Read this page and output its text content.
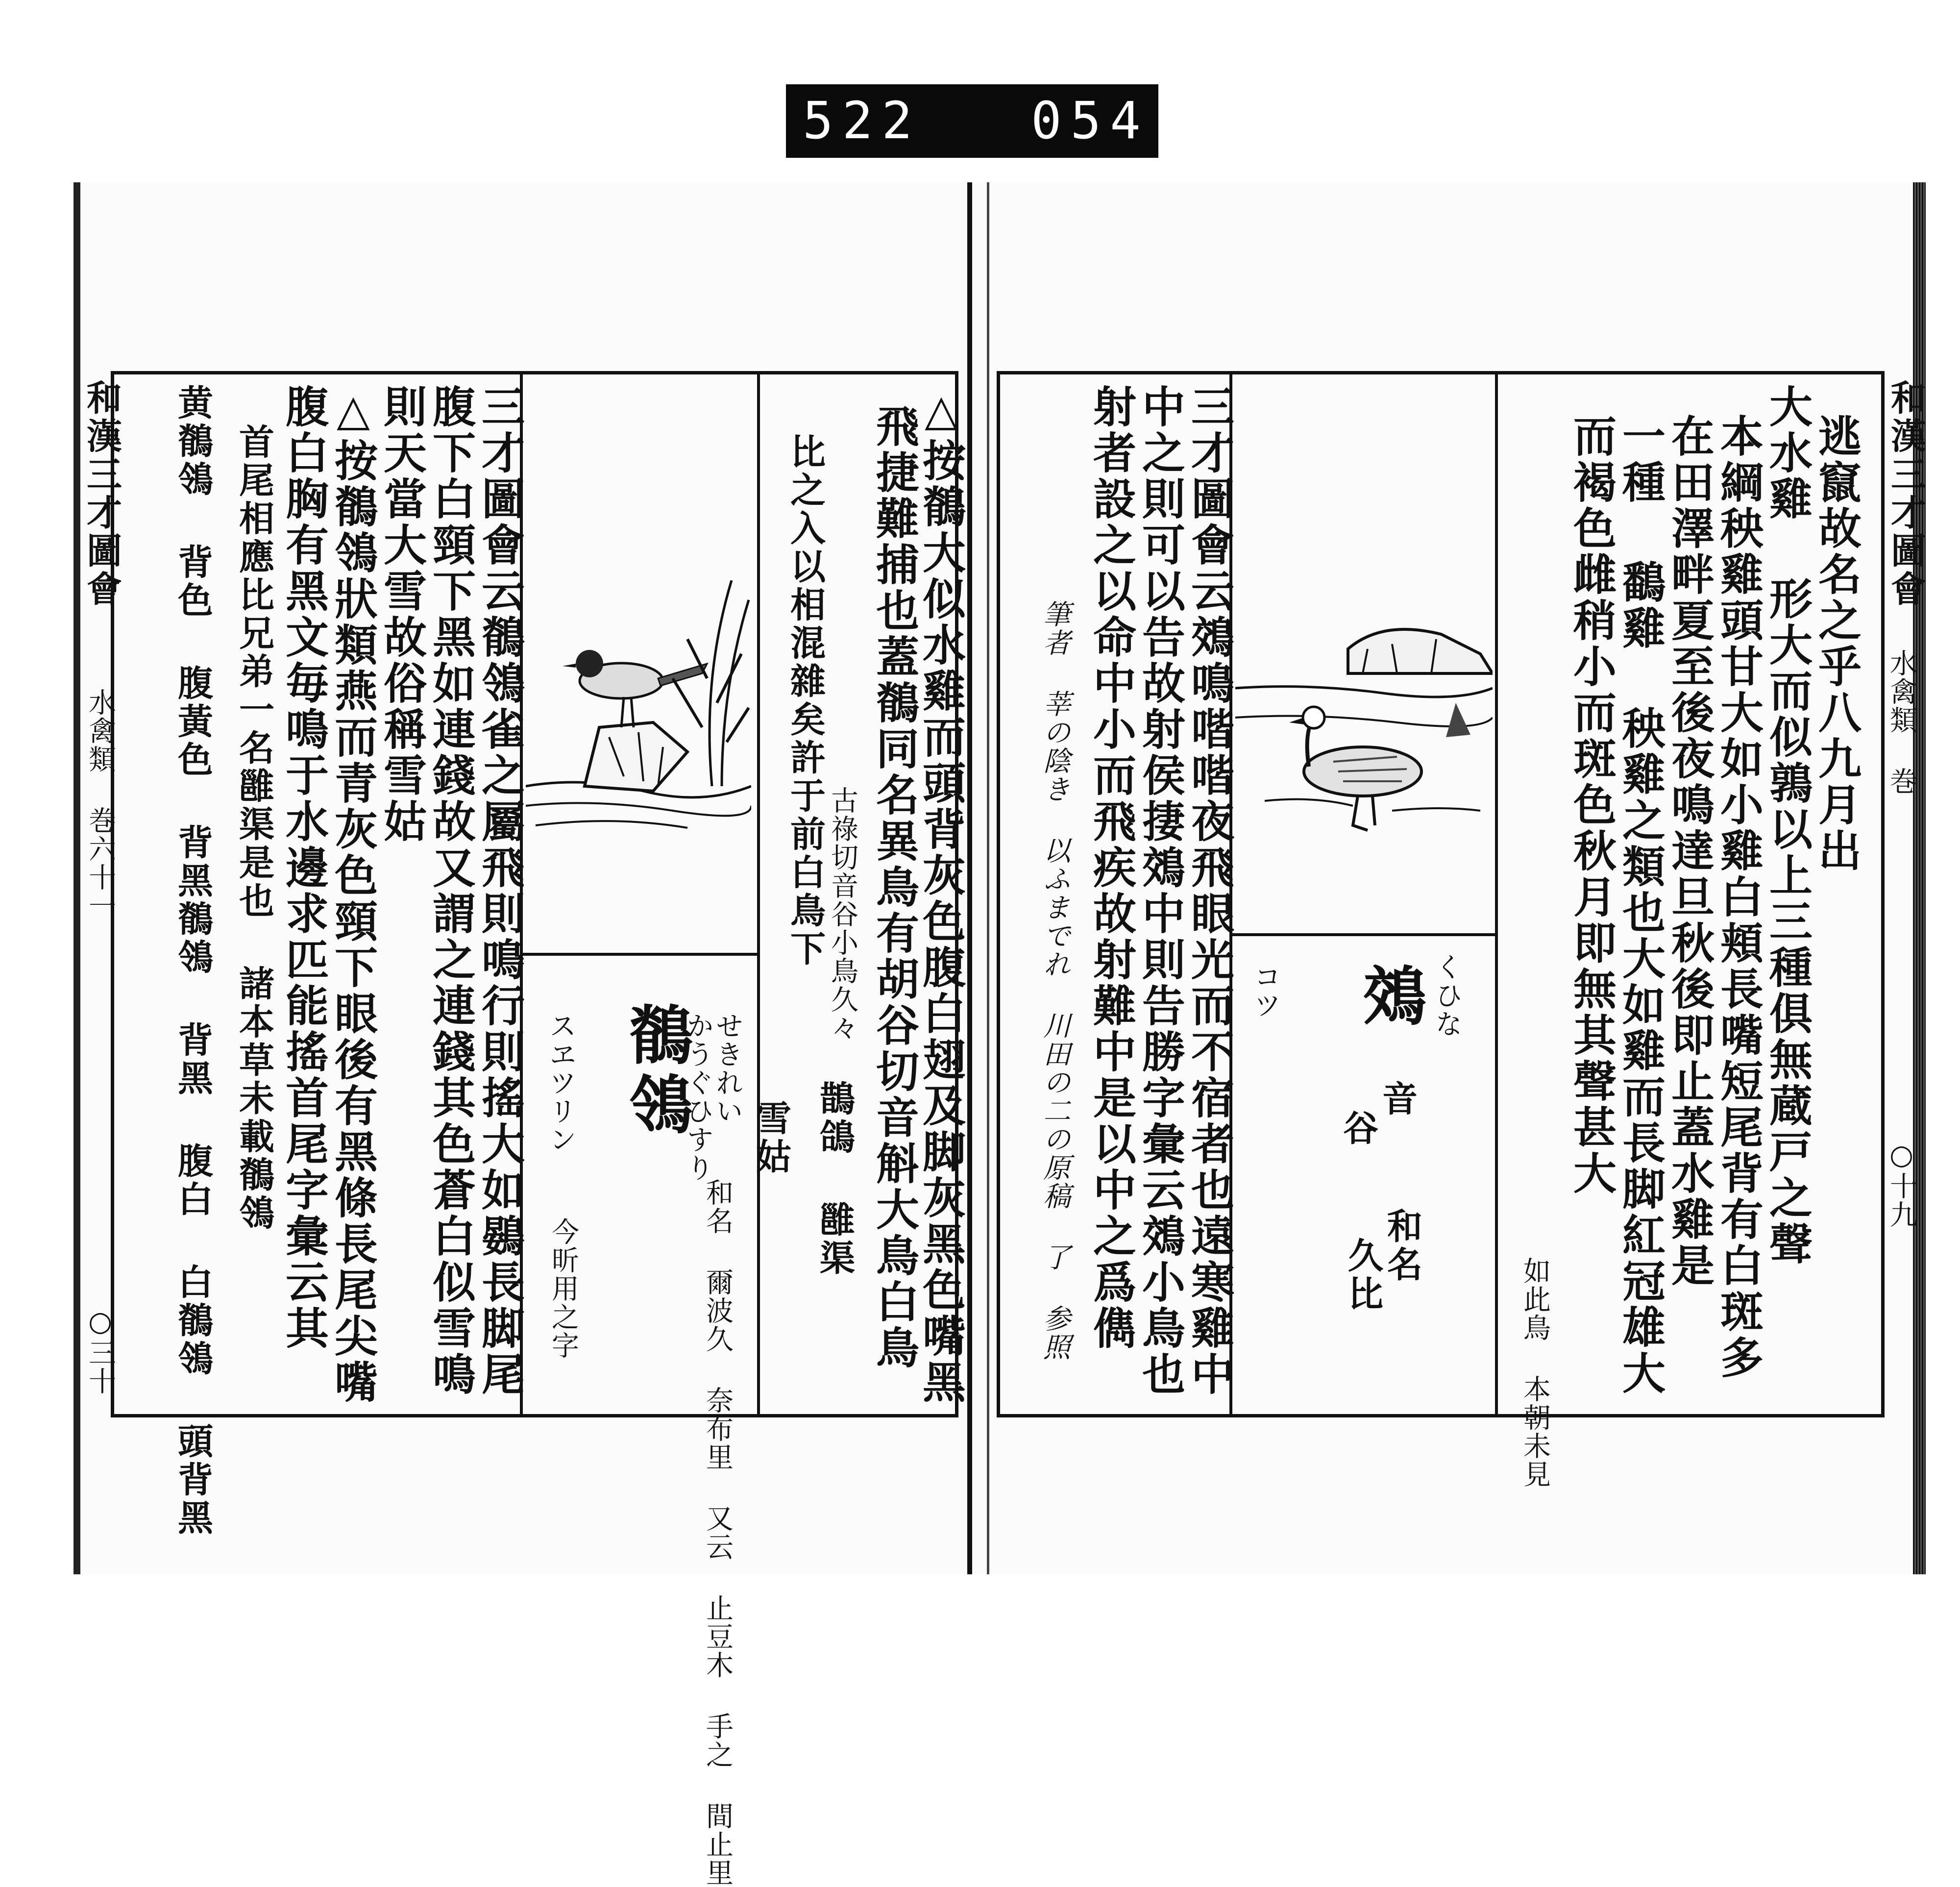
522 054.
和漢三才圖會
水禽類 巻六十一
○三十	△按鶺大似水雞而頭背灰色腹白翅及脚灰黑色嘴黑
飛捷難捕也蓋鶺同名異鳥有胡谷切音斛大鳥白鳥
古祿切音谷小鳥久々
比之入以相混雜矣許于前白鳥下
鶺鴒 せきれい
かうぐひすり
スヱツリン	鵲鴿 雝渠
雪姑
和名 爾波久 奈布里 又云 止豆木 手之 間止里
今昕用之字
三才圖會云鶺鴒雀之屬飛則鳴行則搖大如鷃長脚尾
腹下白頸下黑如連錢故又謂之連錢其色蒼白似雪鳴
則天當大雪故俗稱雪姑
△按鶺鴒狀類燕而青灰色頸下眼後有黑條長尾尖嘴
腹白胸有黑文毎鳴于水邊求匹能搖首尾字彙云其
首尾相應比兄弟一名雝渠是也 諸本草未載鶺鴒
黄鶺鴒 背色 腹黃色 背黑鶺鴒 背黑 腹白 白鶺鴒 頭背黑	和漢三才圖會
水禽類 巻
○十九
逃竄故名之乎八九月出
大水雞 形大而似鶉以上三種俱無蔵戸之聲
本綱秧雞頭甘大如小雞白頬長嘴短尾背有白斑多
在田澤畔夏至後夜鳴達旦秋後即止蓋水雞是
一種 鷭雞 秧雞之類也大如雞而長脚紅冠雄大
而褐色雌稍小而斑色秋月即無其聲甚大
如此鳥 本朝未見
鵁 くひな
音
谷
コツ
和名
久比
三才圖會云鵁鳴喈喈夜飛眼光而不宿者也遠寒雞中
中之則可以告故射侯捿鵁中則告勝字彙云鵁小鳥也
射者設之以命中小而飛疾故射難中是以中之爲儁
筆者 莘の陰き 以ふまでれ 川田の二の原稿 了 参照
